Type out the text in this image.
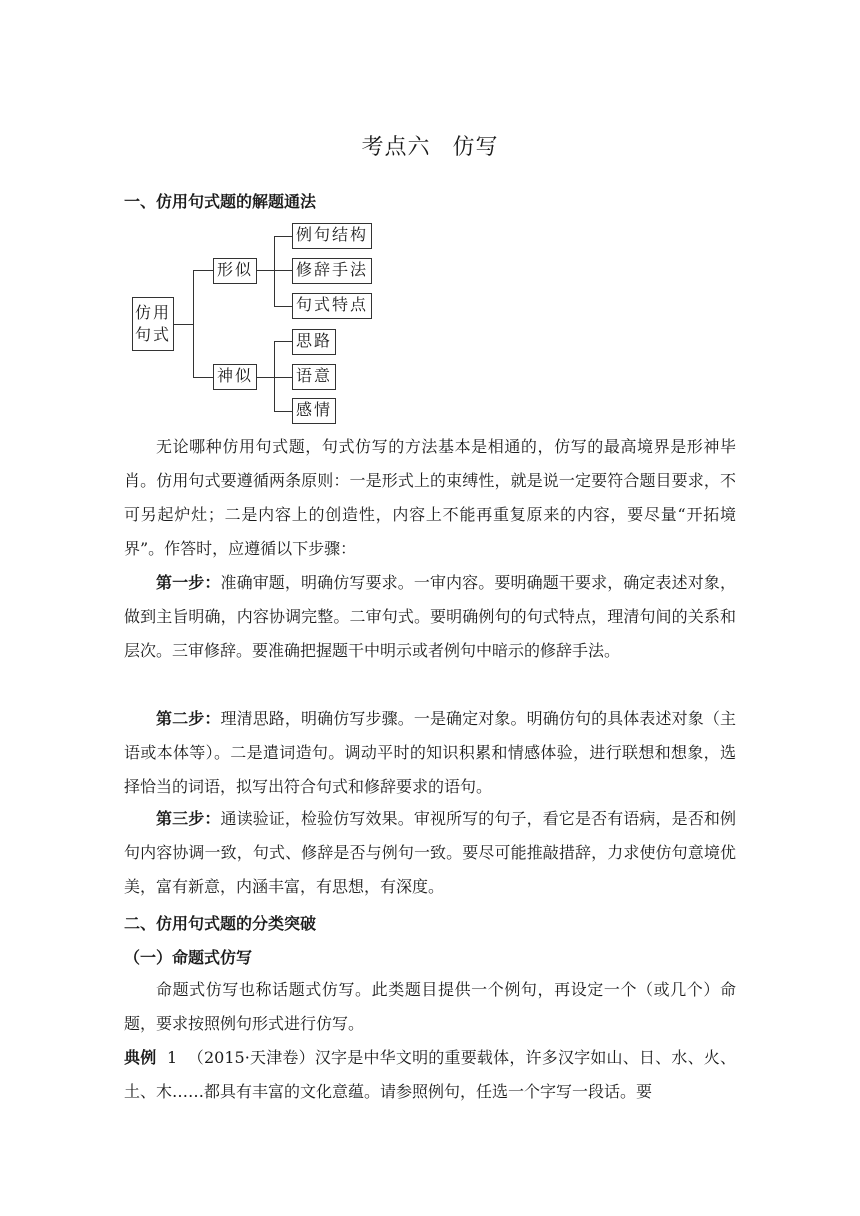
考点六 仿写
一、仿用句式题的解题通法
仿用
句式
形似
例句结构
修辞手法
句式特点
神似
思路
语意
感情

无论哪种仿用句式题，句式仿写的方法基本是相通的，仿写的最高境界是形神毕肖。仿用句式要遵循两条原则：一是形式上的束缚性，就是说一定要符合题目要求，不可另起炉灶；二是内容上的创造性，内容上不能再重复原来的内容，要尽量“开拓境界”。作答时，应遵循以下步骤：

第一步：准确审题，明确仿写要求。一审内容。要明确题干要求，确定表述对象，做到主旨明确，内容协调完整。二审句式。要明确例句的句式特点，理清句间的关系和层次。三审修辞。要准确把握题干中明示或者例句中暗示的修辞手法。

第二步：理清思路，明确仿写步骤。一是确定对象。明确仿句的具体表述对象（主语或本体等）。二是遣词造句。调动平时的知识积累和情感体验，进行联想和想象，选择恰当的词语，拟写出符合句式和修辞要求的语句。

第三步：通读验证，检验仿写效果。审视所写的句子，看它是否有语病，是否和例句内容协调一致，句式、修辞是否与例句一致。要尽可能推敲措辞，力求使仿句意境优美，富有新意，内涵丰富，有思想，有深度。

二、仿用句式题的分类突破
（一）命题式仿写

命题式仿写也称话题式仿写。此类题目提供一个例句，再设定一个（或几个）命题，要求按照例句形式进行仿写。

典例 1 （2015·天津卷）汉字是中华文明的重要载体，许多汉字如山、日、水、火、土、木……都具有丰富的文化意蕴。请参照例句，任选一个字写一段话。要
